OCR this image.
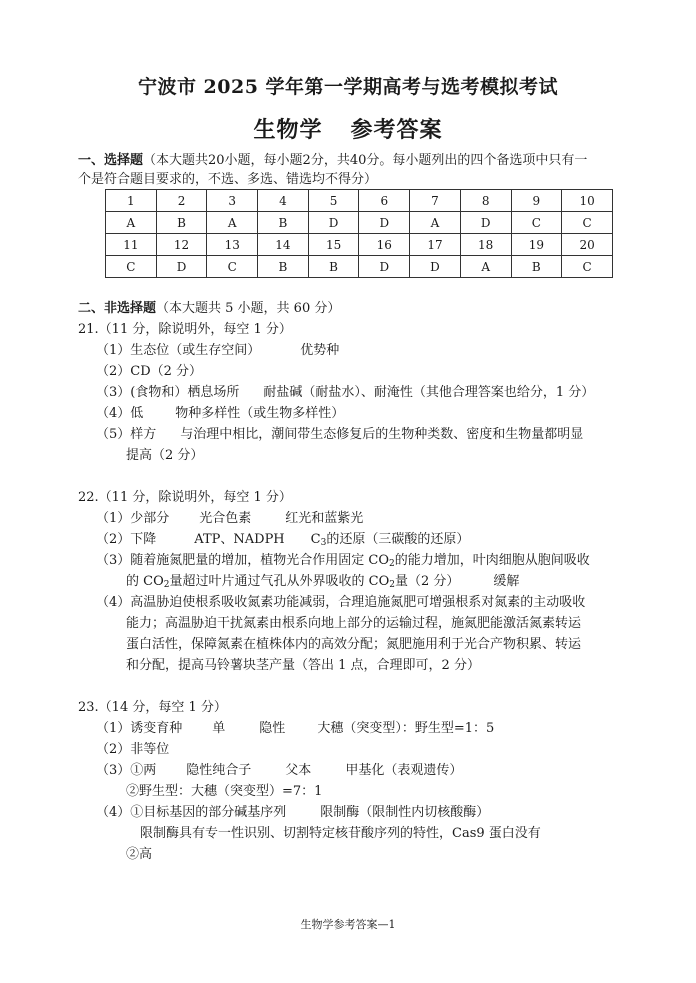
宁波市 2025 学年第一学期高考与选考模拟考试
生物学 参考答案
一、选择题（本大题共20小题，每小题2分，共40分。每小题列出的四个备选项中只有一
个是符合题目要求的，不选、多选、错选均不得分）
1	2	3	4	5	6	7	8	9	10
A	B	A	B	D	D	A	D	C	C
11	12	13	14	15	16	17	18	19	20
C	D	C	B	B	D	D	A	B	C
二、非选择题（本大题共 5 小题，共 60 分）
21.（11 分，除说明外，每空 1 分）
（1）生态位（或生存空间）	优势种
（2）CD（2 分）
（3）(食物和）栖息场所 耐盐碱（耐盐水）、耐淹性（其他合理答案也给分，1 分）
（4）低 物种多样性（或生物多样性）
（5）样方 与治理中相比，潮间带生态修复后的生物种类数、密度和生物量都明显
提高（2 分）
22.（11 分，除说明外，每空 1 分）
（1）少部分 光合色素	红光和蓝紫光
（2）下降	ATP、NADPH $C_3$的还原（三碳酸的还原）
（3）随着施氮肥量的增加，植物光合作用固定 $CO_2$的能力增加，叶肉细胞从胞间吸收
的 $CO_2$量超过叶片通过气孔从外界吸收的 $CO_2$量（2 分）	缓解
（4）高温胁迫使根系吸收氮素功能减弱，合理追施氮肥可增强根系对氮素的主动吸收
能力；高温胁迫干扰氮素由根系向地上部分的运输过程，施氮肥能激活氮素转运
蛋白活性，保障氮素在植株体内的高效分配；氮肥施用利于光合产物积累、转运
和分配，提高马铃薯块茎产量（答出 1 点，合理即可，2 分）
23.（14 分，每空 1 分）
（1）诱变育种 单	隐性 大穗（突变型）：野生型=1：5
（2）非等位
（3）①两 隐性纯合子	父本	甲基化（表观遗传）
②野生型：大穗（突变型）=7：1
（4）①目标基因的部分碱基序列	限制酶（限制性内切核酸酶）
限制酶具有专一性识别、切割特定核苷酸序列的特性，Cas9 蛋白没有
②高
生物学参考答案—1
